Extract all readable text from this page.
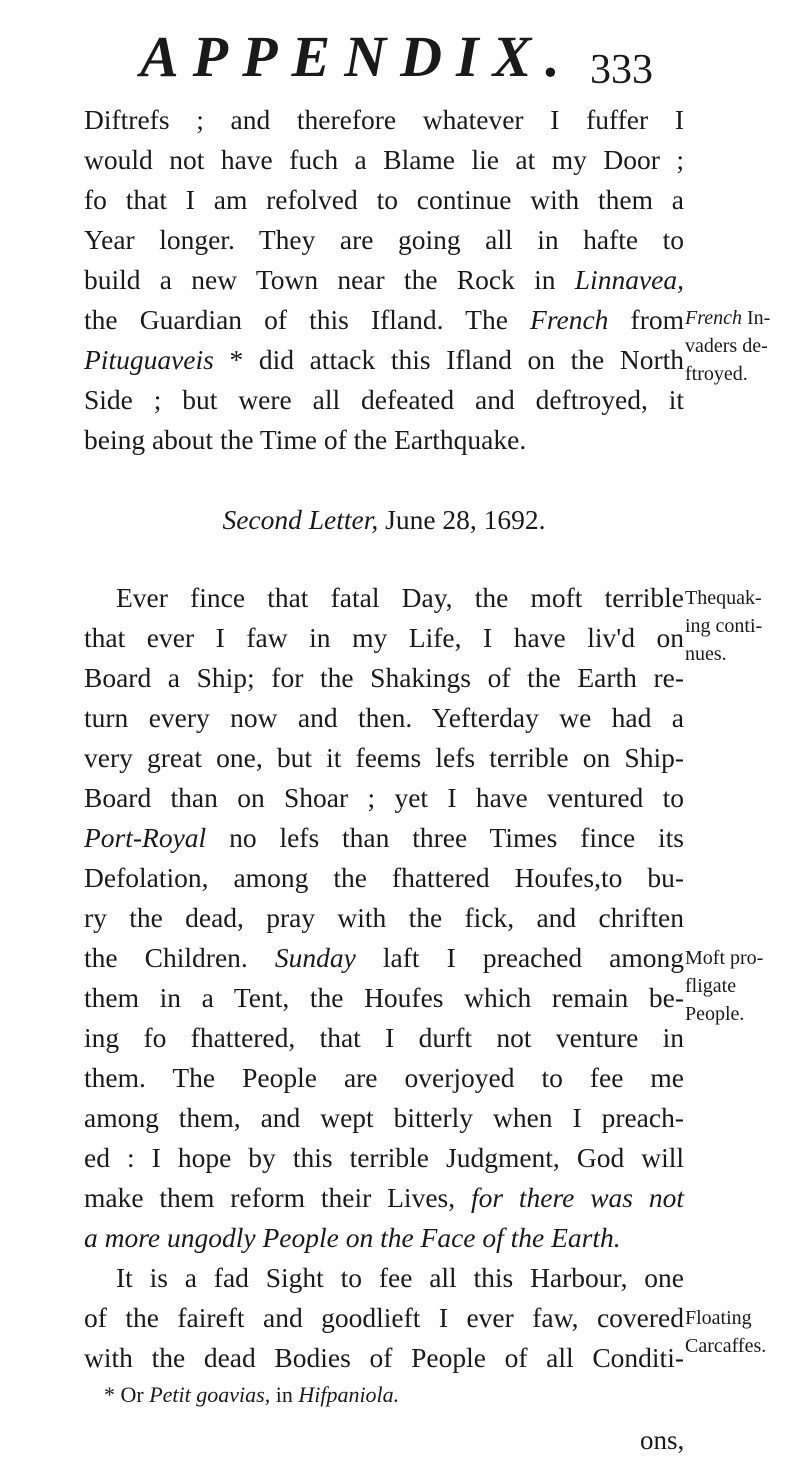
APPENDIX. 333
Diftrefs ; and therefore whatever I fuffer I
would not have fuch a Blame lie at my Door ;
fo that I am refolved to continue with them a
Year longer. They are going all in hafte to
build a new Town near the Rock in Linnavea,
the Guardian of this Ifland. The French from
Pituguaveis * did attack this Ifland on the North
Side ; but were all defeated and deftroyed, it
being about the Time of the Earthquake.
Second Letter, June 28, 1692.
Ever fince that fatal Day, the moft terrible
that ever I faw in my Life, I have liv'd on
Board a Ship; for the Shakings of the Earth re-
turn every now and then. Yefterday we had a
very great one, but it feems lefs terrible on Ship-
Board than on Shoar ; yet I have ventured to
Port-Royal no lefs than three Times fince its
Defolation, among the fhattered Houfes,to bu-
ry the dead, pray with the fick, and chriften
the Children. Sunday laft I preached among
them in a Tent, the Houfes which remain be-
ing fo fhattered, that I durft not venture in
them. The People are overjoyed to fee me
among them, and wept bitterly when I preach-
ed : I hope by this terrible Judgment, God will
make them reform their Lives, for there was not
a more ungodly People on the Face of the Earth.
It is a fad Sight to fee all this Harbour, one
of the faireft and goodlieft I ever faw, covered
with the dead Bodies of People of all Conditi-
French In-
vaders de-
ftroyed.
Thequak-
ing conti-
nues.
Moft pro-
fligate
People.
Floating
Carcaffes.
* Or Petit goavias, in Hifpaniola.
ons,
